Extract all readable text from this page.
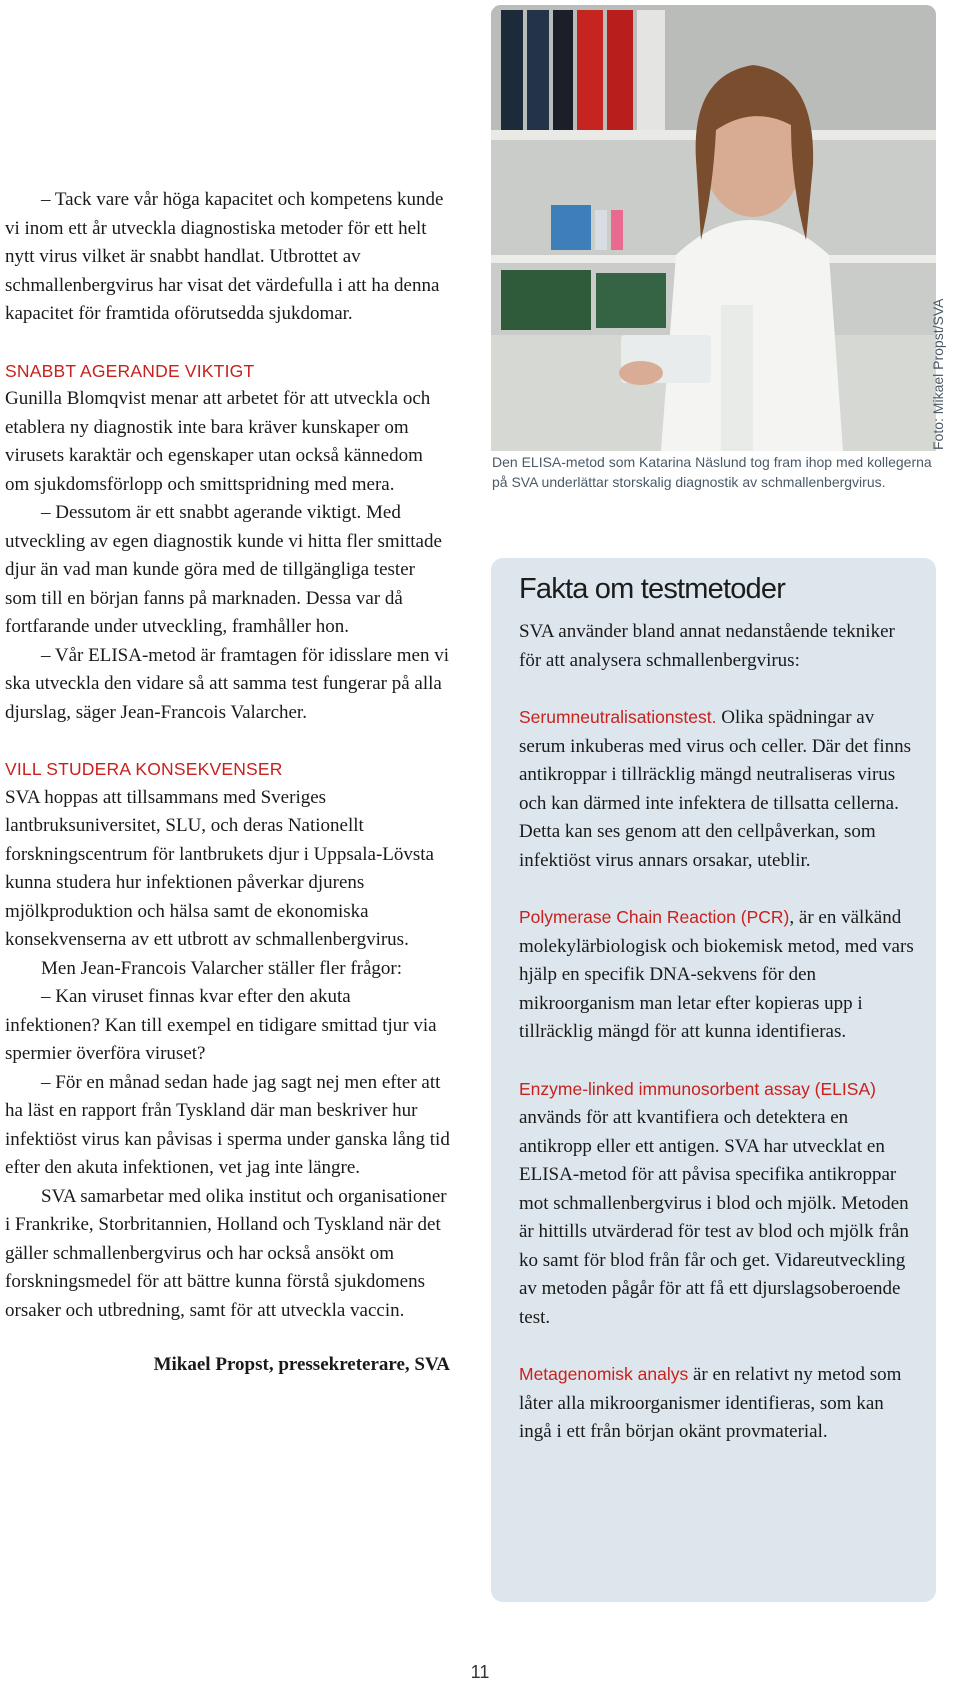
– Tack vare vår höga kapacitet och kompetens kunde vi inom ett år utveckla diagnostiska metoder för ett helt nytt virus vilket är snabbt handlat. Utbrottet av schmallenbergvirus har visat det värdefulla i att ha denna kapacitet för framtida oförutsedda sjukdomar.

SNABBT AGERANDE VIKTIGT

Gunilla Blomqvist menar att arbetet för att utveckla och etablera ny diagnostik inte bara kräver kunskaper om virusets karaktär och egenskaper utan också kännedom om sjukdomsförlopp och smittspridning med mera.

– Dessutom är ett snabbt agerande viktigt. Med utveckling av egen diagnostik kunde vi hitta fler smittade djur än vad man kunde göra med de tillgängliga tester som till en början fanns på marknaden. Dessa var då fortfarande under utveckling, framhåller hon.

– Vår ELISA-metod är framtagen för idisslare men vi ska utveckla den vidare så att samma test fungerar på alla djurslag, säger Jean-Francois Valarcher.

VILL STUDERA KONSEKVENSER

SVA hoppas att tillsammans med Sveriges lantbruksuniversitet, SLU, och deras Nationellt forskningscentrum för lantbrukets djur i Uppsala-Lövsta kunna studera hur infektionen påverkar djurens mjölkproduktion och hälsa samt de ekonomiska konsekvenserna av ett utbrott av schmallenbergvirus.

Men Jean-Francois Valarcher ställer fler frågor:

– Kan viruset finnas kvar efter den akuta infektionen? Kan till exempel en tidigare smittad tjur via spermier överföra viruset?

– För en månad sedan hade jag sagt nej men efter att ha läst en rapport från Tyskland där man beskriver hur infektiöst virus kan påvisas i sperma under ganska lång tid efter den akuta infektionen, vet jag inte längre.

SVA samarbetar med olika institut och organisationer i Frankrike, Storbritannien, Holland och Tyskland när det gäller schmallenbergvirus och har också ansökt om forskningsmedel för att bättre kunna förstå sjukdomens orsaker och utbredning, samt för att utveckla vaccin.

Mikael Propst, pressekreterare, SVA

Foto: Mikael Propst/SVA
Den ELISA-metod som Katarina Näslund tog fram ihop med kollegerna på SVA underlättar storskalig diagnostik av schmallenbergvirus.
Fakta om testmetoder

SVA använder bland annat nedanstående tekniker för att analysera schmallenbergvirus:

Serumneutralisationstest. Olika spädningar av serum inkuberas med virus och celler. Där det finns antikroppar i tillräcklig mängd neutraliseras virus och kan därmed inte infektera de tillsatta cellerna. Detta kan ses genom att den cellpåverkan, som infektiöst virus annars orsakar, uteblir.

Polymerase Chain Reaction (PCR), är en välkänd molekylärbiologisk och biokemisk metod, med vars hjälp en specifik DNA-sekvens för den mikroorganism man letar efter kopieras upp i tillräcklig mängd för att kunna identifieras.

Enzyme-linked immunosorbent assay (ELISA) används för att kvantifiera och detektera en antikropp eller ett antigen. SVA har utvecklat en ELISA-metod för att påvisa specifika antikroppar mot schmallenbergvirus i blod och mjölk. Metoden är hittills utvärderad för test av blod och mjölk från ko samt för blod från får och get. Vidareutveckling av metoden pågår för att få ett djurslagsoberoende test.

Metagenomisk analys är en relativt ny metod som låter alla mikroorganismer identifieras, som kan ingå i ett från början okänt provmaterial.

11
